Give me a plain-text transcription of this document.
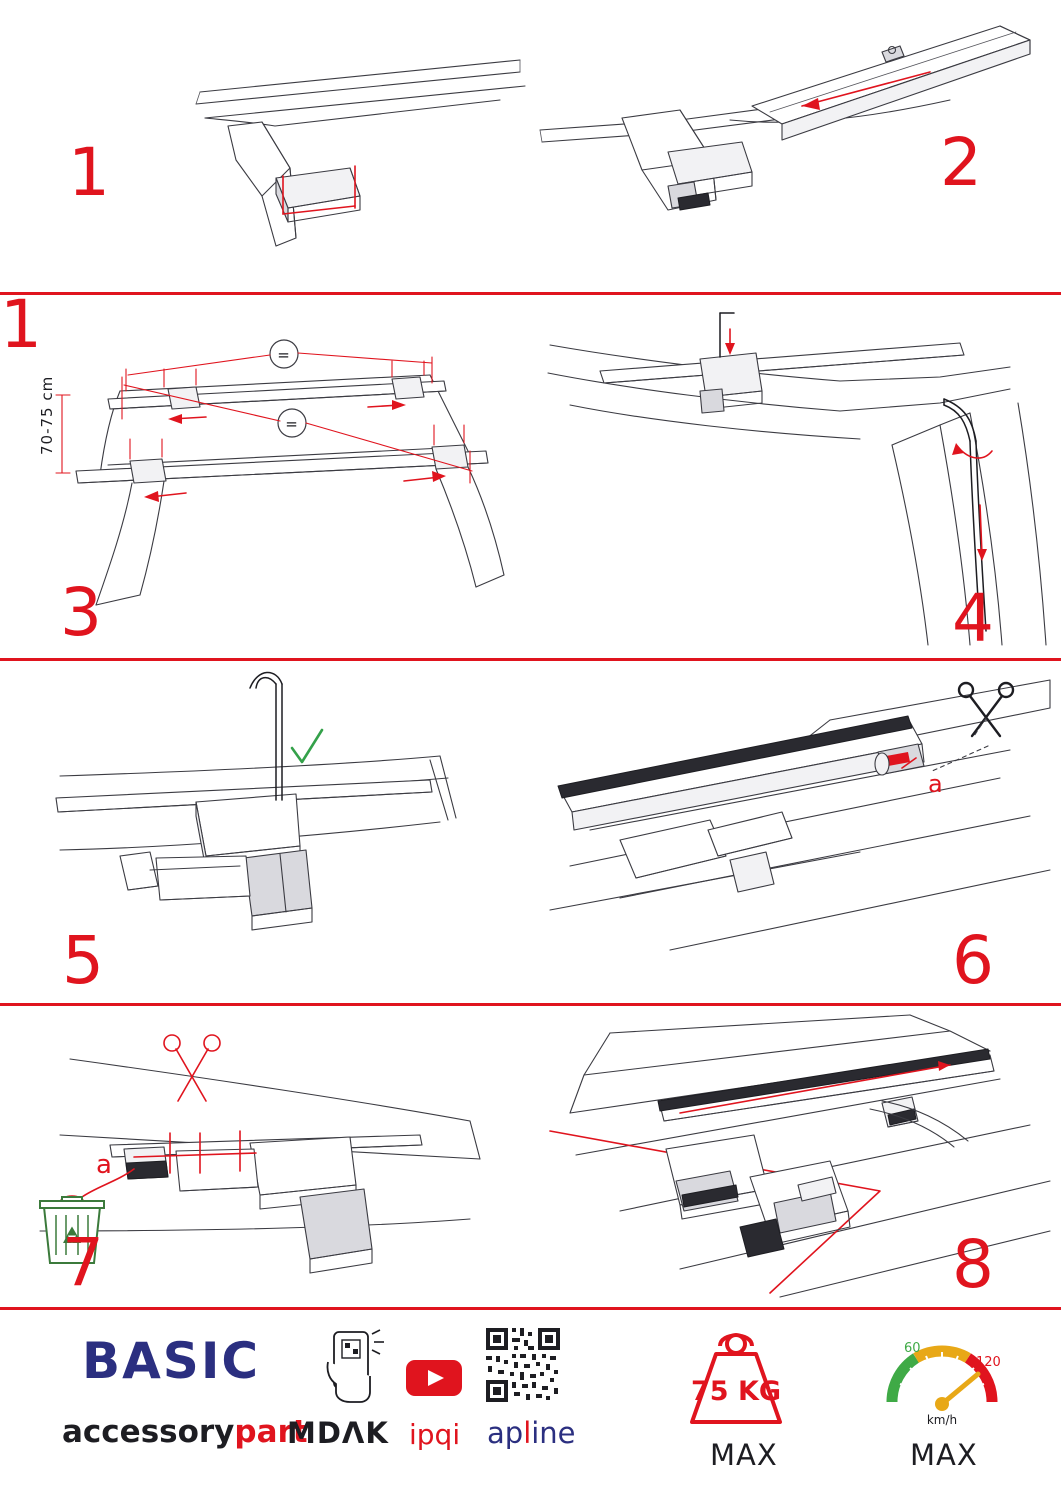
1
1	2
=
=
70-75 cm
3	4
5
a
6
a
7	8
BASIC
accessorypart
MDΛK ipqi apline
75 KG
MAX
60
120
km/h
MAX
